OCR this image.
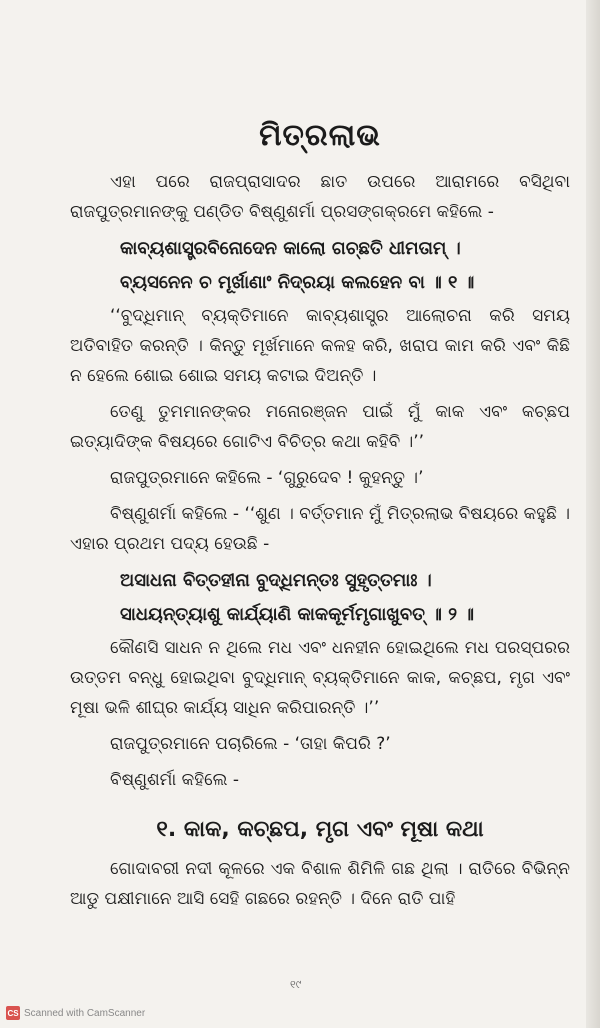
ମିତ୍ରଲାଭ

ଏହା ପରେ ରାଜପ୍ରାସାଦର ଛାତ ଉପରେ ଆରାମରେ ବସିଥିବା ରାଜପୁତ୍ରମାନଙ୍କୁ ପଣ୍ଡିତ ବିଷ୍ଣୁଶର୍ମା ପ୍ରସଙ୍ଗକ୍ରମେ କହିଲେ -

କାବ୍ୟଶାସ୍ତ୍ରବିନୋଦେନ କାଲୋ ଗଚ୍ଛତି ଧୀମତାମ୍ ।
ବ୍ୟସନେନ ଚ ମୂର୍ଖାଣାଂ ନିଦ୍ରୟା କଲହେନ ବା ॥ ୧ ॥

‘‘ବୁଦ୍ଧିମାନ୍ ବ୍ୟକ୍ତିମାନେ କାବ୍ୟଶାସ୍ତ୍ର ଆଲୋଚନା କରି ସମୟ ଅତିବାହିତ କରନ୍ତି । କିନ୍ତୁ ମୂର୍ଖମାନେ କଳହ କରି, ଖରାପ କାମ କରି ଏବଂ କିଛି ନ ହେଲେ ଶୋଇ ଶୋଇ ସମୟ କଟାଇ ଦିଅନ୍ତି ।

ତେଣୁ ତୁମମାନଙ୍କର ମନୋରଞ୍ଜନ ପାଇଁ ମୁଁ କାକ ଏବଂ କଚ୍ଛପ ଇତ୍ୟାଦିଙ୍କ ବିଷୟରେ ଗୋଟିଏ ବିଚିତ୍ର କଥା କହିବି ।’’

ରାଜପୁତ୍ରମାନେ କହିଲେ - ‘ଗୁରୁଦେବ ! କୁହନ୍ତୁ ।’

ବିଷ୍ଣୁଶର୍ମା କହିଲେ - ‘‘ଶୁଣ । ବର୍ତ୍ତମାନ ମୁଁ ମିତ୍ରଲାଭ ବିଷୟରେ କହୁଛି । ଏହାର ପ୍ରଥମ ପଦ୍ୟ ହେଉଛି -

ଅସାଧନା ବିତ୍ତହୀନା ବୁଦ୍ଧିମନ୍ତଃ ସୁହୃତ୍ତମାଃ ।
ସାଧୟନ୍ତ୍ୟାଶୁ କାର୍ଯ୍ୟାଣି କାକକୂର୍ମମୃଗାଖୁବତ୍ ॥ ୨ ॥

କୌଣସି ସାଧନ ନ ଥିଲେ ମଧ ଏବଂ ଧନହୀନ ହୋଇଥିଲେ ମଧ ପରସ୍ପରର ଉତ୍ତମ ବନ୍ଧୁ ହୋଇଥିବା ବୁଦ୍ଧିମାନ୍ ବ୍ୟକ୍ତିମାନେ କାକ, କଚ୍ଛପ, ମୃଗ ଏବଂ ମୂଷା ଭଳି ଶୀଘ୍ର କାର୍ଯ୍ୟ ସାଧିନ କରିପାରନ୍ତି ।’’

ରାଜପୁତ୍ରମାନେ ପଚାରିଲେ - ‘ତାହା କିପରି ?’

ବିଷ୍ଣୁଶର୍ମା କହିଲେ -

୧. କାକ, କଚ୍ଛପ, ମୃଗ ଏବଂ ମୂଷା କଥା

ଗୋଦାବରୀ ନଦୀ କୂଳରେ ଏକ ବିଶାଳ ଶିମିଳି ଗଛ ଥିଲା । ରାତିରେ ବିଭିନ୍ନ ଆଡୁ ପକ୍ଷୀମାନେ ଆସି ସେହି ଗଛରେ ରହନ୍ତି । ଦିନେ ରାତି ପାହି

୧୯
CS Scanned with CamScanner
